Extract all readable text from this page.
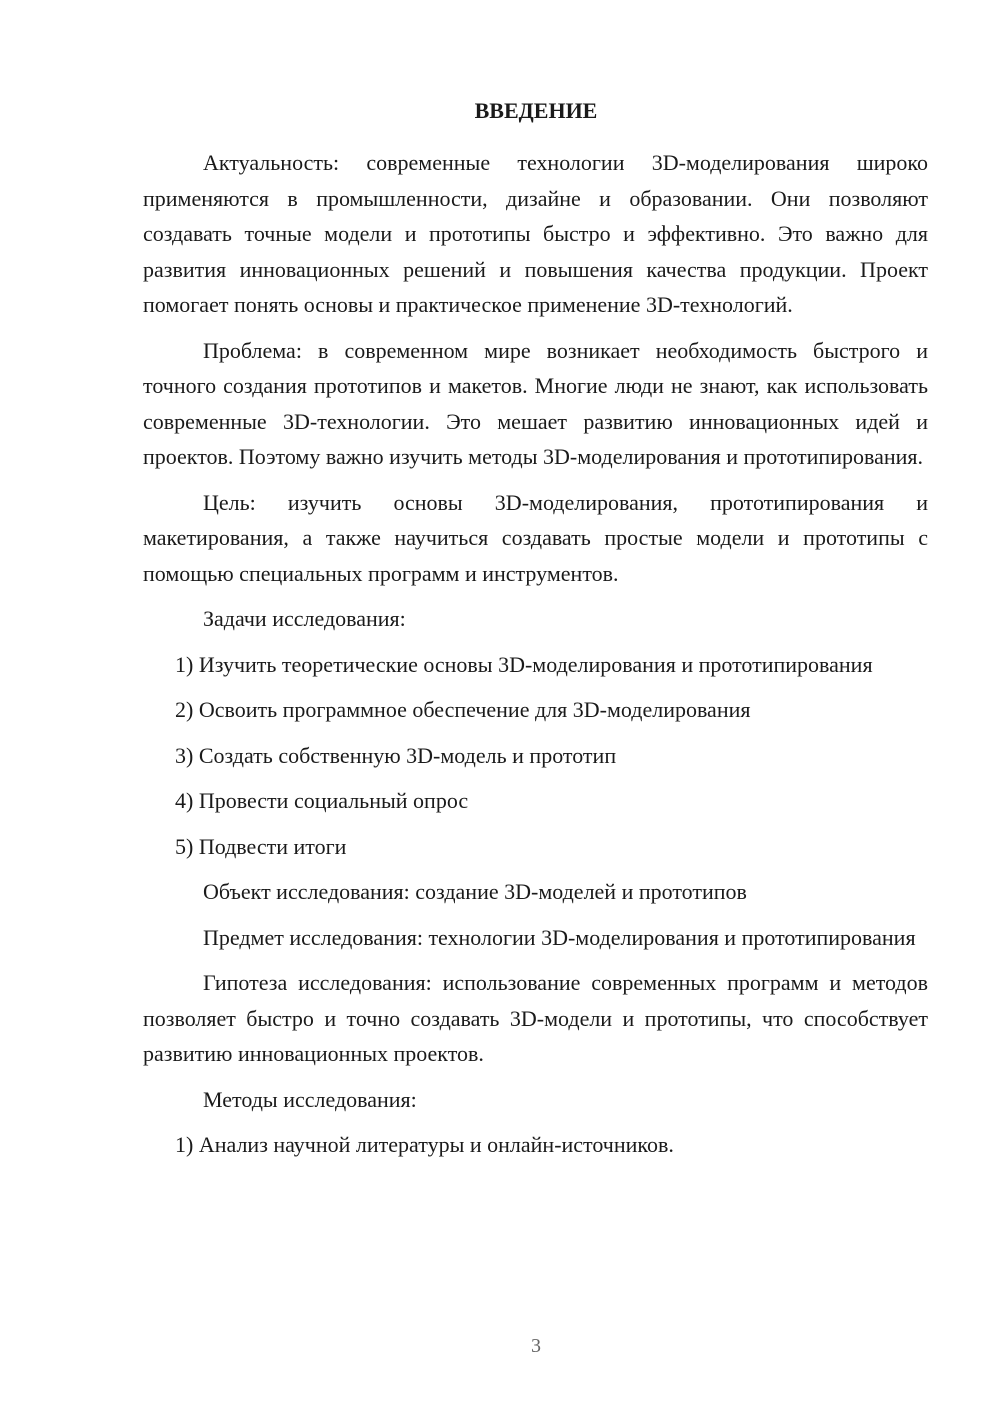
ВВЕДЕНИЕ

Актуальность: современные технологии 3D-моделирования широко применяются в промышленности, дизайне и образовании. Они позволяют создавать точные модели и прототипы быстро и эффективно. Это важно для развития инновационных решений и повышения качества продукции. Проект помогает понять основы и практическое применение 3D-технологий.

Проблема: в современном мире возникает необходимость быстрого и точного создания прототипов и макетов. Многие люди не знают, как использовать современные 3D-технологии. Это мешает развитию инновационных идей и проектов. Поэтому важно изучить методы 3D-моделирования и прототипирования.

Цель: изучить основы 3D-моделирования, прототипирования и макетирования, а также научиться создавать простые модели и прототипы с помощью специальных программ и инструментов.

Задачи исследования:

1) Изучить теоретические основы 3D-моделирования и прототипирования

2) Освоить программное обеспечение для 3D-моделирования

3) Создать собственную 3D-модель и прототип

4) Провести социальный опрос

5) Подвести итоги

Объект исследования: создание 3D-моделей и прототипов

Предмет исследования: технологии 3D-моделирования и прототипирования

Гипотеза исследования: использование современных программ и методов позволяет быстро и точно создавать 3D-модели и прототипы, что способствует развитию инновационных проектов.

Методы исследования:

1) Анализ научной литературы и онлайн-источников.

3
